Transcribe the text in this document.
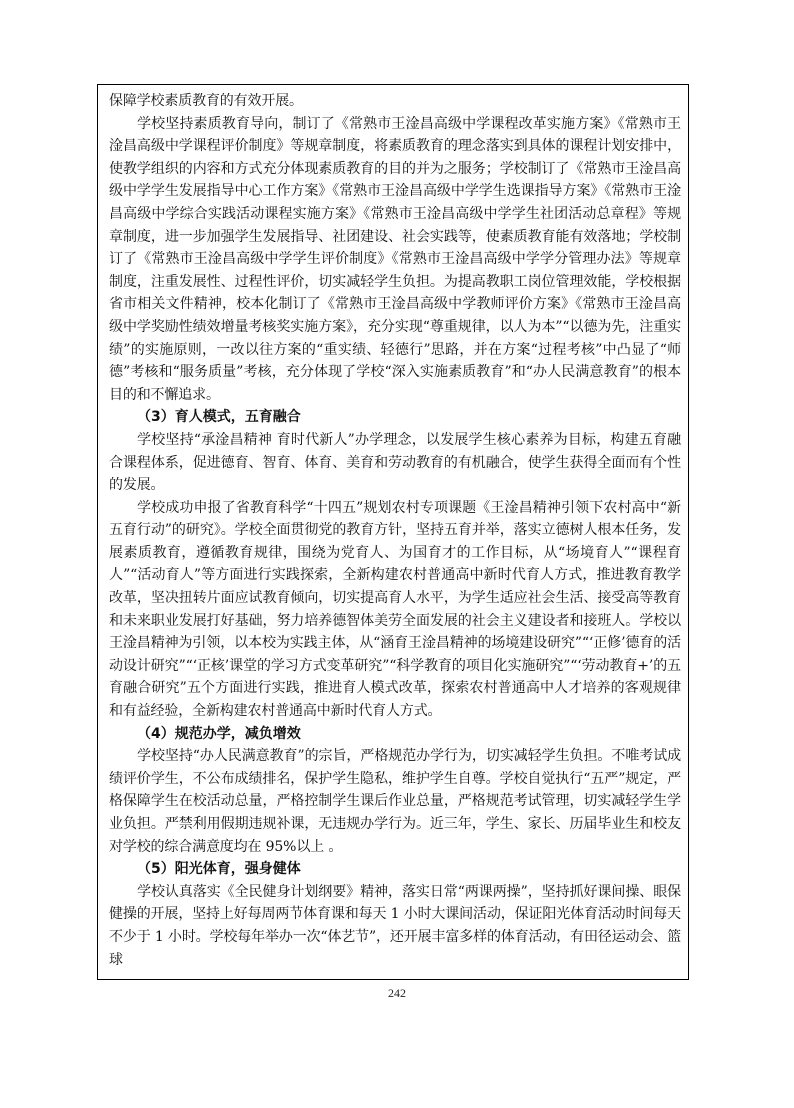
保障学校素质教育的有效开展。

学校坚持素质教育导向，制订了《常熟市王淦昌高级中学课程改革实施方案》《常熟市王淦昌高级中学课程评价制度》等规章制度，将素质教育的理念落实到具体的课程计划安排中，使教学组织的内容和方式充分体现素质教育的目的并为之服务；学校制订了《常熟市王淦昌高级中学学生发展指导中心工作方案》《常熟市王淦昌高级中学学生选课指导方案》《常熟市王淦昌高级中学综合实践活动课程实施方案》《常熟市王淦昌高级中学学生社团活动总章程》等规章制度，进一步加强学生发展指导、社团建设、社会实践等，使素质教育能有效落地；学校制订了《常熟市王淦昌高级中学学生评价制度》《常熟市王淦昌高级中学学分管理办法》等规章制度，注重发展性、过程性评价，切实减轻学生负担。为提高教职工岗位管理效能，学校根据省市相关文件精神，校本化制订了《常熟市王淦昌高级中学教师评价方案》《常熟市王淦昌高级中学奖励性绩效增量考核奖实施方案》，充分实现“尊重规律，以人为本”“以德为先，注重实绩”的实施原则，一改以往方案的“重实绩、轻德行”思路，并在方案“过程考核”中凸显了“师德”考核和“服务质量”考核，充分体现了学校“深入实施素质教育”和“办人民满意教育”的根本目的和不懈追求。

（3）育人模式，五育融合

学校坚持“承淦昌精神 育时代新人”办学理念，以发展学生核心素养为目标，构建五育融合课程体系，促进德育、智育、体育、美育和劳动教育的有机融合，使学生获得全面而有个性的发展。

学校成功申报了省教育科学“十四五”规划农村专项课题《王淦昌精神引领下农村高中“新五育行动”的研究》。学校全面贯彻党的教育方针，坚持五育并举，落实立德树人根本任务，发展素质教育，遵循教育规律，围绕为党育人、为国育才的工作目标，从“场境育人”“课程育人”“活动育人”等方面进行实践探索，全新构建农村普通高中新时代育人方式，推进教育教学改革，坚决扭转片面应试教育倾向，切实提高育人水平，为学生适应社会生活、接受高等教育和未来职业发展打好基础，努力培养德智体美劳全面发展的社会主义建设者和接班人。学校以王淦昌精神为引领，以本校为实践主体，从“涵育王淦昌精神的场境建设研究”“‘正修’德育的活动设计研究”“‘正核’课堂的学习方式变革研究”“科学教育的项目化实施研究”“‘劳动教育+’的五育融合研究”五个方面进行实践，推进育人模式改革，探索农村普通高中人才培养的客观规律和有益经验，全新构建农村普通高中新时代育人方式。

（4）规范办学，减负增效

学校坚持“办人民满意教育”的宗旨，严格规范办学行为，切实减轻学生负担。不唯考试成绩评价学生，不公布成绩排名，保护学生隐私，维护学生自尊。学校自觉执行“五严”规定，严格保障学生在校活动总量，严格控制学生课后作业总量，严格规范考试管理，切实减轻学生学业负担。严禁利用假期违规补课，无违规办学行为。近三年，学生、家长、历届毕业生和校友对学校的综合满意度均在 95%以上 。

（5）阳光体育，强身健体

学校认真落实《全民健身计划纲要》精神，落实日常“两课两操”，坚持抓好课间操、眼保健操的开展，坚持上好每周两节体育课和每天 1 小时大课间活动，保证阳光体育活动时间每天不少于 1 小时。学校每年举办一次“体艺节”，还开展丰富多样的体育活动，有田径运动会、篮球

242
